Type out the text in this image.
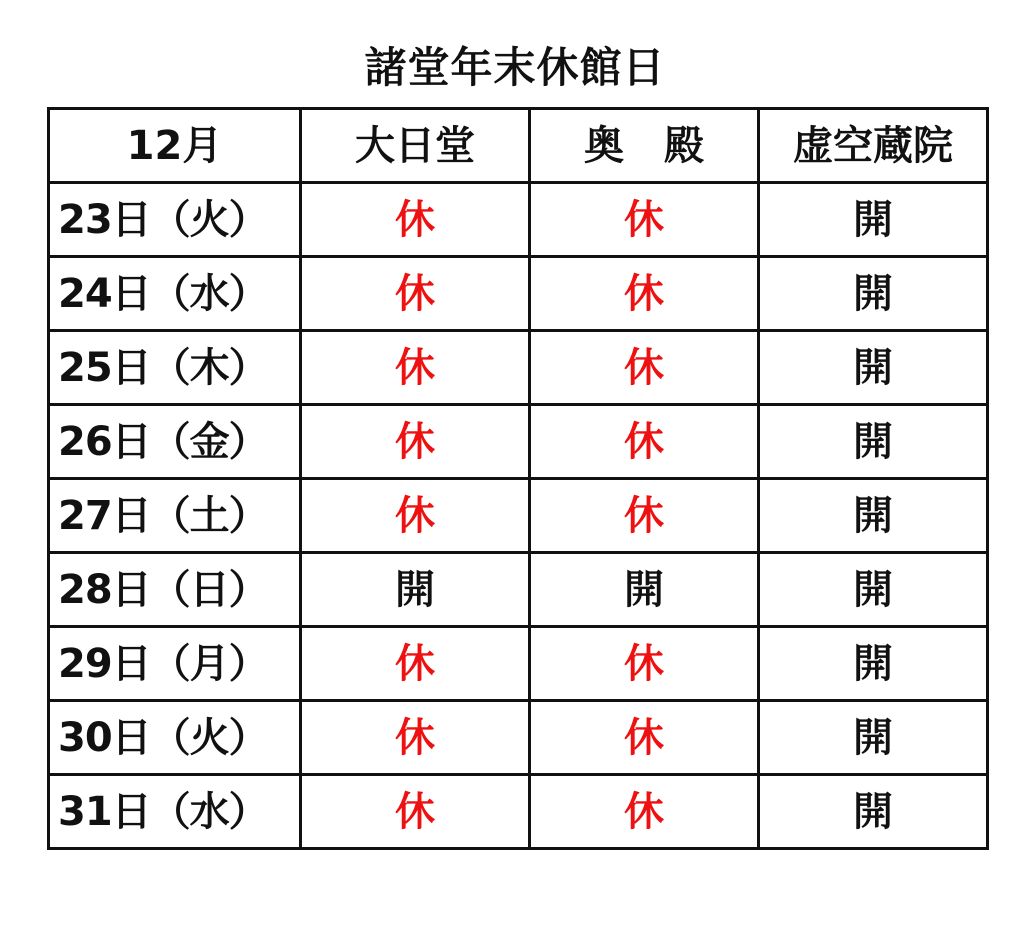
諸堂年末休館日
12月	大日堂	奥　殿	虚空蔵院
23日（火）	休	休	開
24日（水）	休	休	開
25日（木）	休	休	開
26日（金）	休	休	開
27日（土）	休	休	開
28日（日）	開	開	開
29日（月）	休	休	開
30日（火）	休	休	開
31日（水）	休	休	開
